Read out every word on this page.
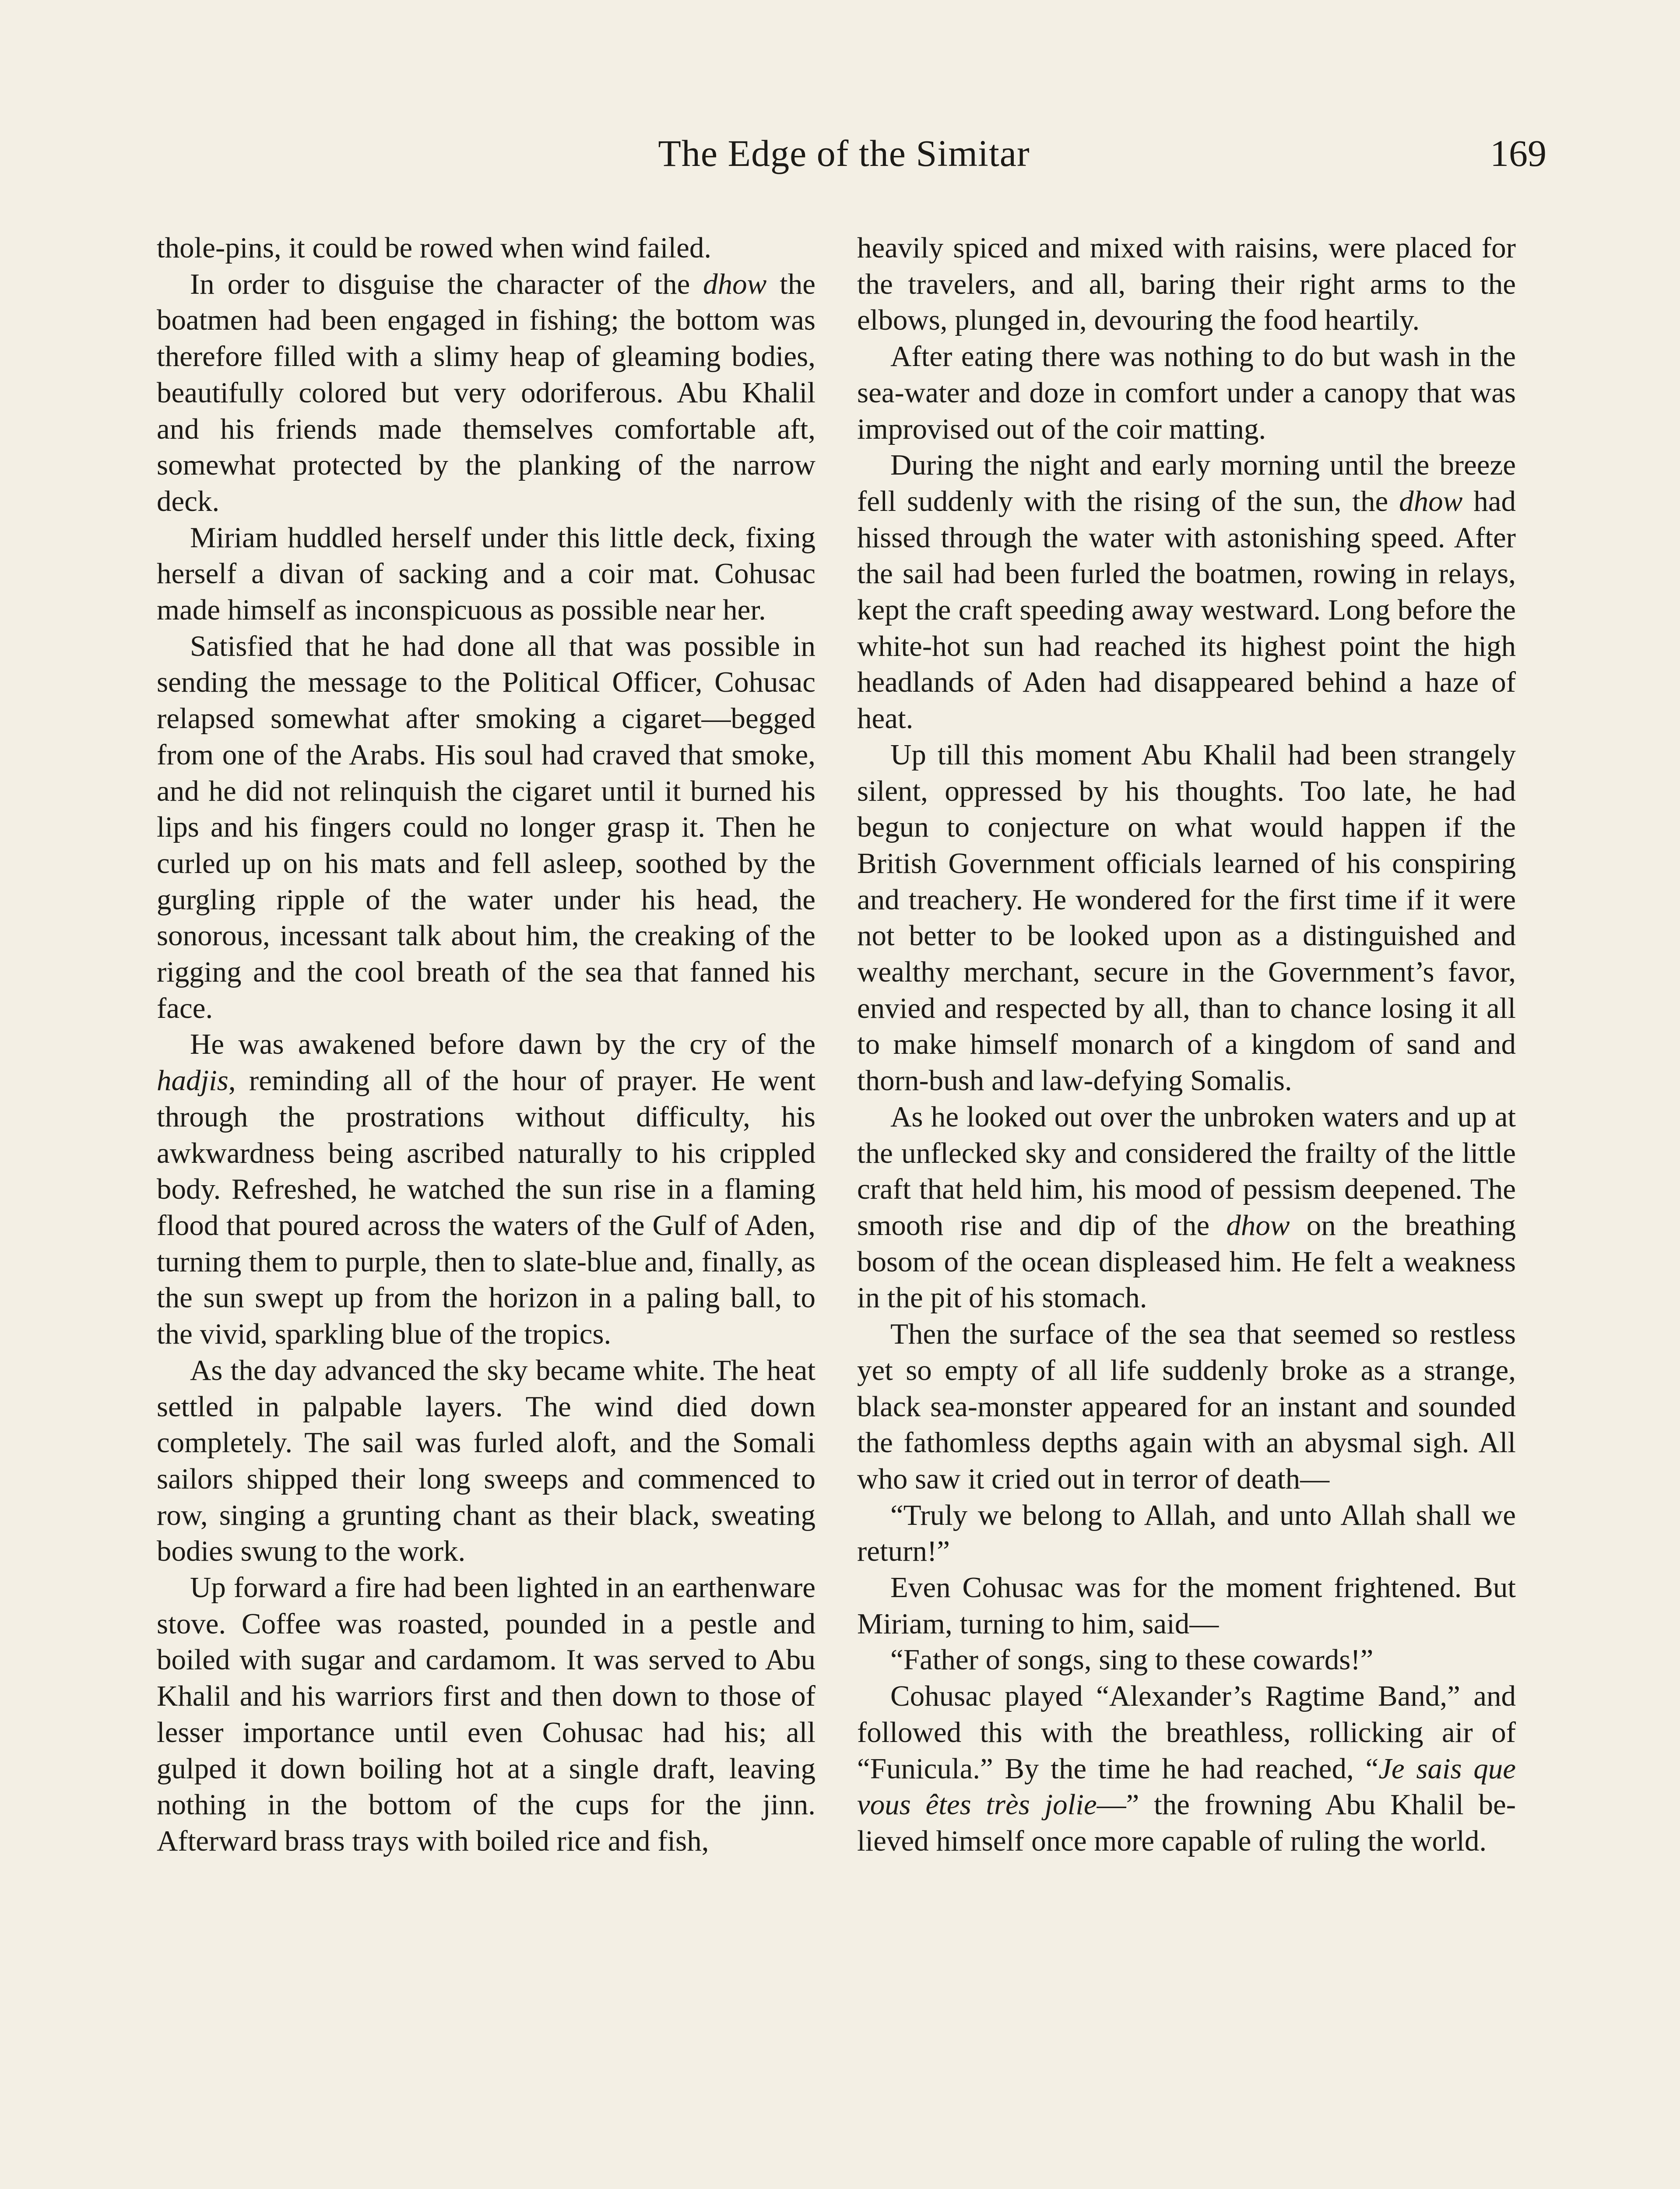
The Edge of the Simitar	169

thole-pins, it could be rowed when wind failed.

In order to disguise the character of the dhow the boatmen had been engaged in fishing; the bottom was therefore filled with a slimy heap of gleaming bodies, beautifully colored but very odoriferous. Abu Khalil and his friends made themselves comfortable aft, somewhat protected by the planking of the narrow deck.

Miriam huddled herself under this little deck, fixing herself a divan of sacking and a coir mat. Cohusac made himself as inconspicuous as possible near her.

Satisfied that he had done all that was possible in sending the message to the Political Officer, Cohusac relapsed somewhat after smoking a cigaret—begged from one of the Arabs. His soul had craved that smoke, and he did not relinquish the cigaret until it burned his lips and his fingers could no longer grasp it. Then he curled up on his mats and fell asleep, soothed by the gurgling ripple of the water under his head, the sonorous, incessant talk about him, the creaking of the rigging and the cool breath of the sea that fanned his face.

He was awakened before dawn by the cry of the hadjis, reminding all of the hour of prayer. He went through the prostrations without difficulty, his awkwardness being ascribed naturally to his crippled body. Refreshed, he watched the sun rise in a flaming flood that poured across the waters of the Gulf of Aden, turning them to purple, then to slate-blue and, finally, as the sun swept up from the horizon in a paling ball, to the vivid, sparkling blue of the tropics.

As the day advanced the sky became white. The heat settled in palpable layers. The wind died down completely. The sail was furled aloft, and the Somali sailors shipped their long sweeps and commenced to row, singing a grunting chant as their black, sweating bodies swung to the work.

Up forward a fire had been lighted in an earthenware stove. Coffee was roasted, pounded in a pestle and boiled with sugar and cardamom. It was served to Abu Khalil and his warriors first and then down to those of lesser importance until even Cohusac had his; all gulped it down boiling hot at a single draft, leaving nothing in the bottom of the cups for the jinn. Afterward brass trays with boiled rice and fish,

heavily spiced and mixed with raisins, were placed for the travelers, and all, baring their right arms to the elbows, plunged in, devouring the food heartily.

After eating there was nothing to do but wash in the sea-water and doze in comfort under a canopy that was improvised out of the coir matting.

During the night and early morning until the breeze fell suddenly with the rising of the sun, the dhow had hissed through the water with astonishing speed. After the sail had been furled the boatmen, rowing in relays, kept the craft speeding away westward. Long before the white-hot sun had reached its highest point the high headlands of Aden had disappeared behind a haze of heat.

Up till this moment Abu Khalil had been strangely silent, oppressed by his thoughts. Too late, he had begun to conjecture on what would happen if the British Government officials learned of his conspiring and treachery. He wondered for the first time if it were not better to be looked upon as a distinguished and wealthy merchant, secure in the Government’s favor, envied and respected by all, than to chance losing it all to make himself monarch of a kingdom of sand and thorn-bush and law-defying Somalis.

As he looked out over the unbroken waters and up at the unflecked sky and considered the frailty of the little craft that held him, his mood of pessism deepened. The smooth rise and dip of the dhow on the breathing bosom of the ocean displeased him. He felt a weakness in the pit of his stomach.

Then the surface of the sea that seemed so restless yet so empty of all life suddenly broke as a strange, black sea-monster appeared for an instant and sounded the fathomless depths again with an abysmal sigh. All who saw it cried out in terror of death—

“Truly we belong to Allah, and unto Allah shall we return!”

Even Cohusac was for the moment frightened. But Miriam, turning to him, said—

“Father of songs, sing to these cowards!”

Cohusac played “Alexander’s Ragtime Band,” and followed this with the breathless, rollicking air of “Funicula.” By the time he had reached, “Je sais que vous êtes très jolie—” the frowning Abu Khalil believed himself once more capable of ruling the world.
